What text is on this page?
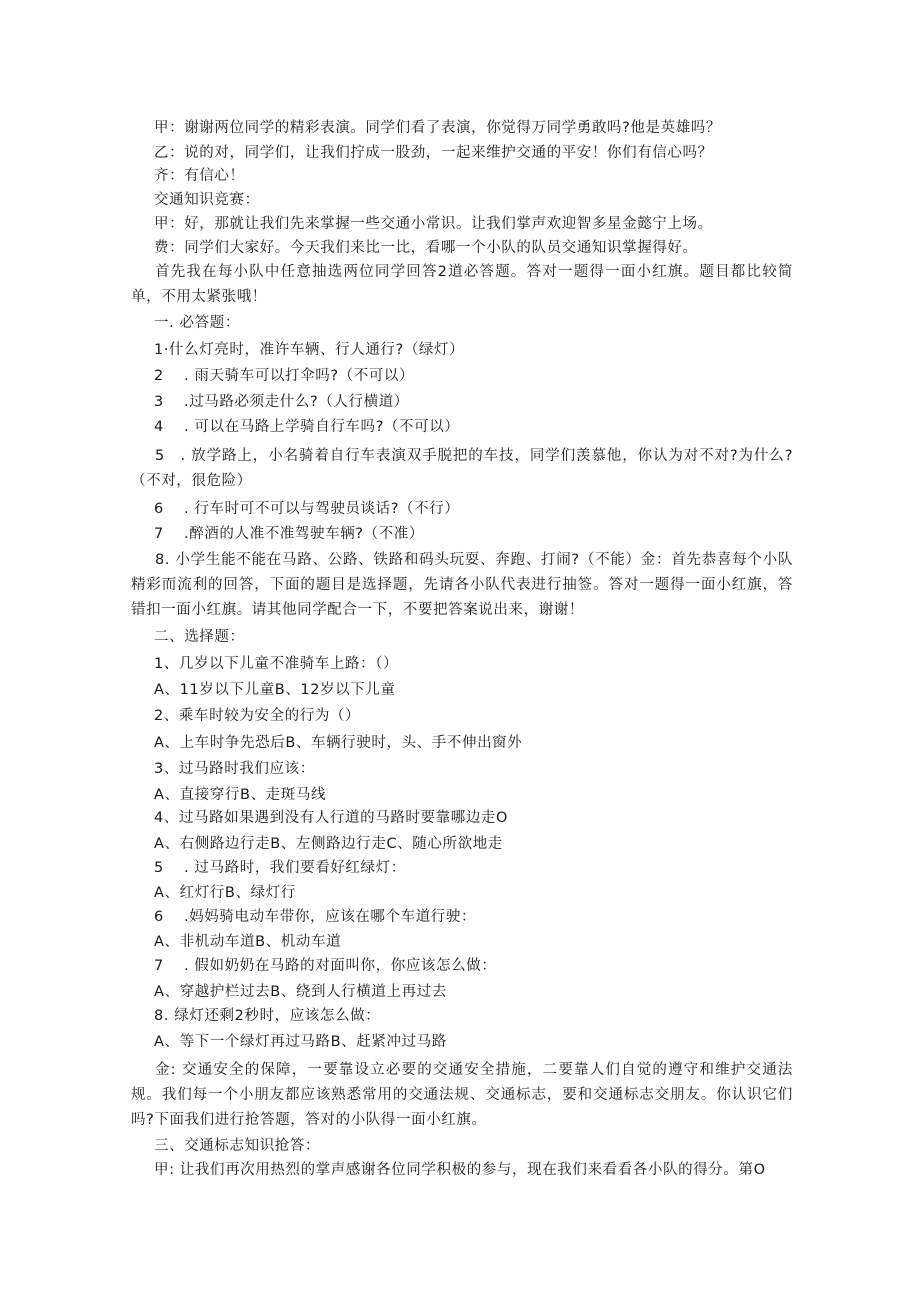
甲：谢谢两位同学的精彩表演。同学们看了表演，你觉得万同学勇敢吗?他是英雄吗？
乙：说的对，同学们，让我们拧成一股劲，一起来维护交通的平安！你们有信心吗？
齐：有信心！
交通知识竞赛：
甲：好，那就让我们先来掌握一些交通小常识。让我们掌声欢迎智多星金懿宁上场。
费：同学们大家好。今天我们来比一比，看哪一个小队的队员交通知识掌握得好。
首先我在每小队中任意抽选两位同学回答2道必答题。答对一题得一面小红旗。题目都比较简单，不用太紧张哦！
一. 必答题：
1·什么灯亮时，准许车辆、行人通行?（绿灯）
2 . 雨天骑车可以打伞吗?（不可以）
3 .过马路必须走什么?（人行横道）
4 . 可以在马路上学骑自行车吗?（不可以）
5　. 放学路上，小名骑着自行车表演双手脱把的车技，同学们羡慕他，你认为对不对?为什么?（不对，很危险）
6 . 行车时可不可以与驾驶员谈话?（不行）
7 .醉酒的人准不准驾驶车辆?（不准）
8. 小学生能不能在马路、公路、铁路和码头玩耍、奔跑、打闹?（不能）金：首先恭喜每个小队精彩而流利的回答，下面的题目是选择题，先请各小队代表进行抽签。答对一题得一面小红旗，答错扣一面小红旗。请其他同学配合一下，不要把答案说出来，谢谢！
二、选择题：
1、几岁以下儿童不准骑车上路：（）
A、11岁以下儿童B、12岁以下儿童
2、乘车时较为安全的行为（）
A、上车时争先恐后B、车辆行驶时，头、手不伸出窗外
3、过马路时我们应该：
A、直接穿行B、走斑马线
4、过马路如果遇到没有人行道的马路时要靠哪边走O
A、右侧路边行走B、左侧路边行走C、随心所欲地走
5 . 过马路时，我们要看好红绿灯：
A、红灯行B、绿灯行
6 .妈妈骑电动车带你，应该在哪个车道行驶：
A、非机动车道B、机动车道
7 . 假如奶奶在马路的对面叫你，你应该怎么做：
A、穿越护栏过去B、绕到人行横道上再过去
8. 绿灯还剩2秒时，应该怎么做：
A、等下一个绿灯再过马路B、赶紧冲过马路
金: 交通安全的保障，一要靠设立必要的交通安全措施，二要靠人们自觉的遵守和维护交通法规。我们每一个小朋友都应该熟悉常用的交通法规、交通标志，要和交通标志交朋友。你认识它们吗?下面我们进行抢答题，答对的小队得一面小红旗。
三、交通标志知识抢答：
甲: 让我们再次用热烈的掌声感谢各位同学积极的参与，现在我们来看看各小队的得分。第O
